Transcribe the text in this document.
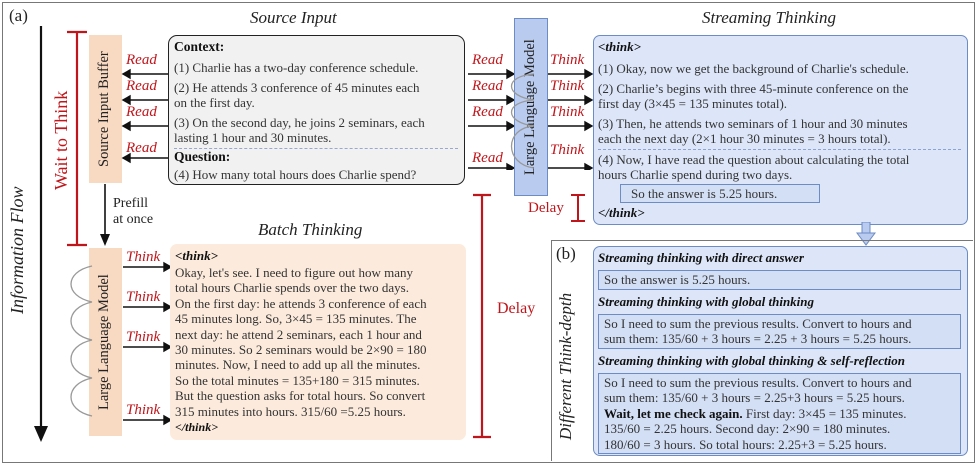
(a)
Information Flow
Wait to Think Source Input Buffer
Prefill
at once
Large Language Model
Read
Read
Read
Read
Source Input
Context:
(1) Charlie has a two-day conference schedule.
(2) He attends 3 conference of 45 minutes each
on the first day.
(3) On the second day, he joins 2 seminars, each
lasting 1 hour and 30 minutes.
Question:
(4) How many total hours does Charlie spend?
Read
Read
Read
Read Large Language Model Think
Think
Think
Think
Streaming Thinking
<think>
(1) Okay, now we get the background of Charlie's schedule.
(2) Charlie’s begins with three 45-minute conference on the
first day (3×45 = 135 minutes total).
(3) Then, he attends two seminars of 1 hour and 30 minutes
each the next day (2×1 hour 30 minutes = 3 hours total).
(4) Now, I have read the question about calculating the total
hours Charlie spend during two days.
So the answer is 5.25 hours.
</think>
Delay
Batch Thinking
Think
Think
Think
Think
<think>
Okay, let's see. I need to figure out how many
total hours Charlie spends over the two days.
On the first day: he attends 3 conference of each
45 minutes long. So, 3×45 = 135 minutes. The
next day: he attend 2 seminars, each 1 hour and
30 minutes. So 2 seminars would be 2×90 = 180
minutes. Now, I need to add up all the minutes.
So the total minutes = 135+180 = 315 minutes.
But the question asks for total hours. So convert
315 minutes into hours. 315/60 =5.25 hours.
</think>
Delay
(b)
Different Think-depth
Streaming thinking with direct answer
So the answer is 5.25 hours.
Streaming thinking with global thinking
So I need to sum the previous results. Convert to hours and
sum them: 135/60 + 3 hours = 2.25 + 3 hours = 5.25 hours.
Streaming thinking with global thinking & self-reflection
So I need to sum the previous results. Convert to hours and
sum them: 135/60 + 3 hours = 2.25+3 hours = 5.25 hours.
Wait, let me check again. First day: 3×45 = 135 minutes.
135/60 = 2.25 hours. Second day: 2×90 = 180 minutes.
180/60 = 3 hours. So total hours: 2.25+3 = 5.25 hours.
